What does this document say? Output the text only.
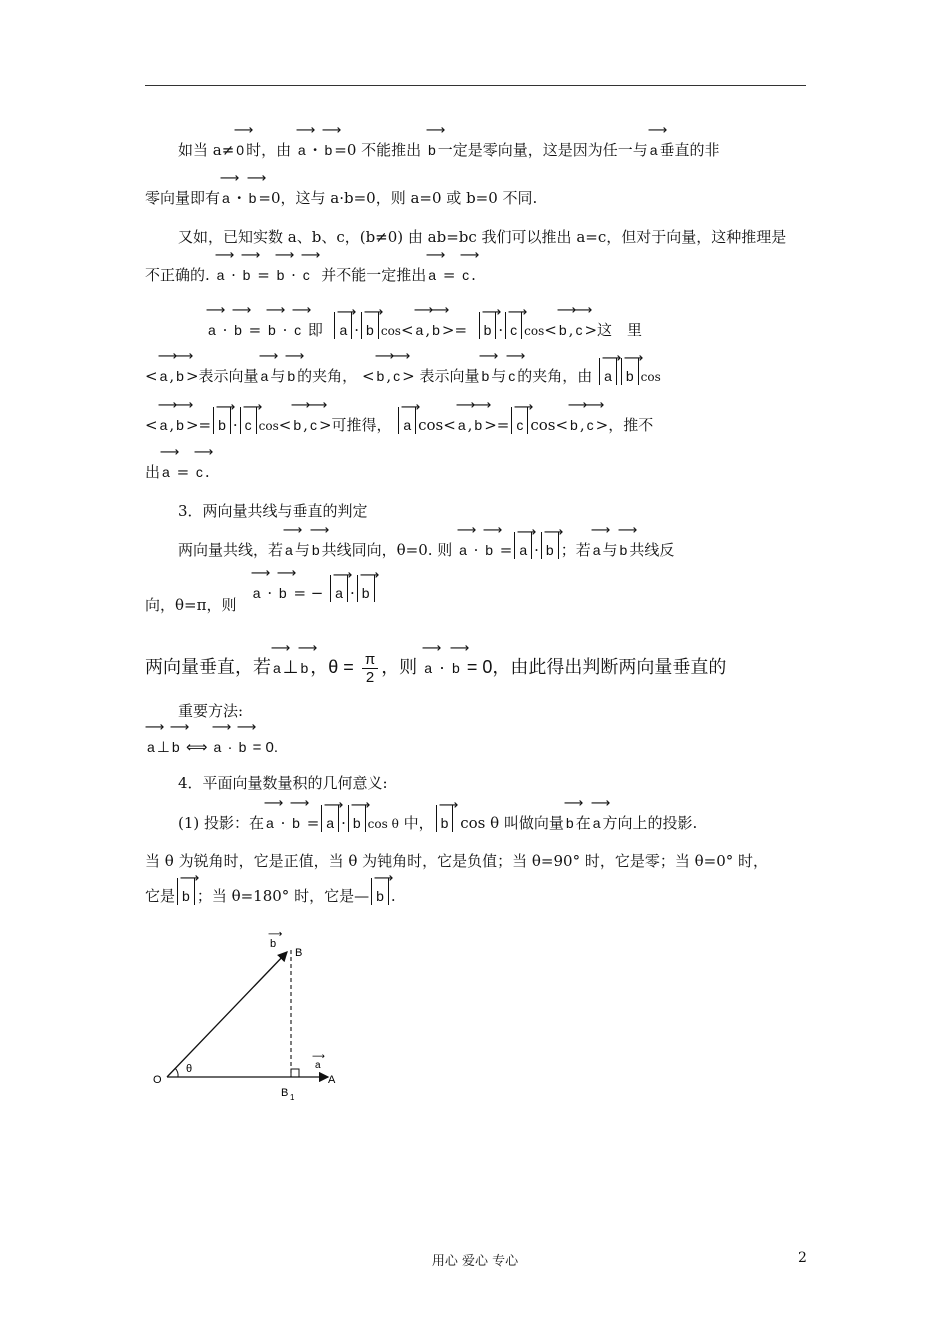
如当 a≠ ⟶ 0 时，由 ⟶ a · ⟶ b =0 不能推出 ⟶ b 一定是零向量，这是因为任一与 ⟶ a 垂直的非
零向量即有 ⟶ a · ⟶ b =0，这与 a·b=0，则 a=0 或 b=0 不同.
又如，已知实数 a、b、c，(b≠0) 由 ab=bc 我们可以推出 a=c，但对于向量，这种推理是
不正确的. ⟶ a · ⟶ b = ⟶ b · ⟶ c 并不能一定推出 ⟶ a = ⟶ c .
⟶ a · ⟶ b = ⟶ b · ⟶ c 即 ⟶ a · ⟶ b cos< ⟶ a , ⟶ b >=  ⟶ b · ⟶ c cos< ⟶ b , ⟶ c >这　里
< ⟶ a , ⟶ b >表示向量 ⟶ a 与 ⟶ b 的夹角， < ⟶ b , ⟶ c > 表示向量 ⟶ b 与 ⟶ c 的夹角，由 ⟶ a ⟶ b cos
< ⟶ a , ⟶ b >= ⟶ b · ⟶ c cos< ⟶ b , ⟶ c >可推得， ⟶ a cos< ⟶ a , ⟶ b >= ⟶ c cos< ⟶ b , ⟶ c >，推不
出 ⟶ a = ⟶ c .
3．两向量共线与垂直的判定
两向量共线，若 ⟶ a 与 ⟶ b 共线同向，θ=0. 则 ⟶ a · ⟶ b = ⟶ a · ⟶ b ；若 ⟶ a 与 ⟶ b 共线反
向，θ=π，则   ⟶ a · ⟶ b = − ⟶ a · ⟶ b
两向量垂直，若 ⟶ a ⊥ ⟶ b ，$\theta = \frac{\pi}{2}$ ，则 ⟶ a · ⟶ b = 0，由此得出判断两向量垂直的
重要方法:
⟶ a ⊥ ⟶ b ⟺ ⟶ a · ⟶ b = 0.
4．平面向量数量积的几何意义:
(1) 投影：在 ⟶ a · ⟶ b = ⟶ a · ⟶ b cos θ 中， ⟶ b cos θ 叫做向量 ⟶ b 在 ⟶ a 方向上的投影.
当 θ 为锐角时，它是正值，当 θ 为钝角时，它是负值；当 θ=90° 时，它是零；当 θ=0° 时，
它是 ⟶ b ；当 θ=180° 时，它是— ⟶ b .
b
⟶
B
a
⟶
A
O
θ
B 1
用心 爱心 专心	2
